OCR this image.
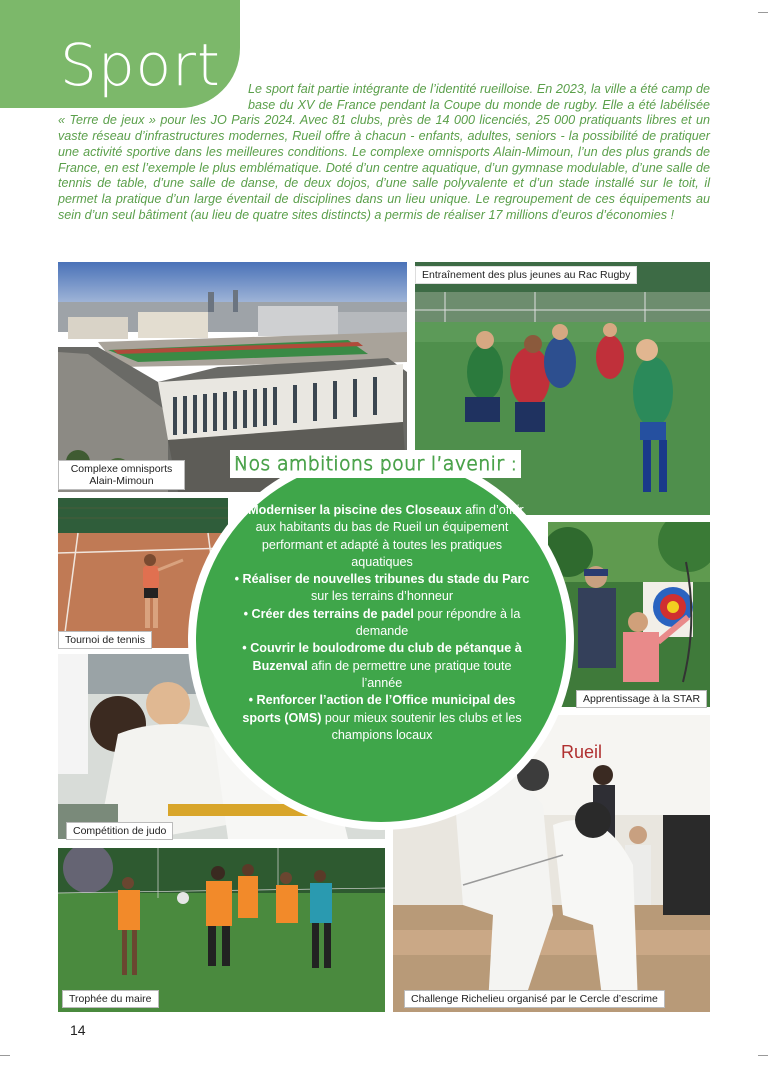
Sport	Le sport fait partie intégrante de l’identité rueilloise. En 2023, la ville a été camp de base du XV de France pendant la Coupe du monde de rugby. Elle a été labélisée « Terre de jeux » pour les JO Paris 2024. Avec 81 clubs, près de 14 000 licenciés, 25 000 pratiquants libres et un vaste réseau d’infrastructures modernes, Rueil offre à chacun - enfants, adultes, seniors - la possibilité de pratiquer une activité sportive dans les meilleures conditions. Le complexe omnisports Alain-Mimoun, l’un des plus grands de France, en est l’exemple le plus emblématique. Doté d’un centre aquatique, d’un gymnase modulable, d’une salle de tennis de table, d’une salle de danse, de deux dojos, d’une salle polyvalente et d’un stade installé sur le toit, il permet la pratique d’un large éventail de disciplines dans un lieu unique. Le regroupement de ces équipements au sein d’un seul bâtiment (au lieu de quatre sites distincts) a permis de réaliser 17 millions d’euros d’économies !
Complexe omnisports
Alain-Mimoun
Entraînement des plus jeunes au Rac Rugby
Tournoi de tennis
Apprentissage à la STAR
Compétition de judo
Trophée du maire
Rueil
Challenge Richelieu organisé par le Cercle d’escrime
Nos ambitions pour l’avenir :
• Moderniser la piscine des Closeaux afin d’offrir aux habitants du bas de Rueil un équipement performant et adapté à toutes les pratiques aquatiques
• Réaliser de nouvelles tribunes du stade du Parc sur les terrains d’honneur
• Créer des terrains de padel pour répondre à la demande
• Couvrir le boulodrome du club de pétanque à Buzenval afin de permettre une pratique toute l’année
• Renforcer l’action de l’Office municipal des sports (OMS) pour mieux soutenir les clubs et les champions locaux
14
